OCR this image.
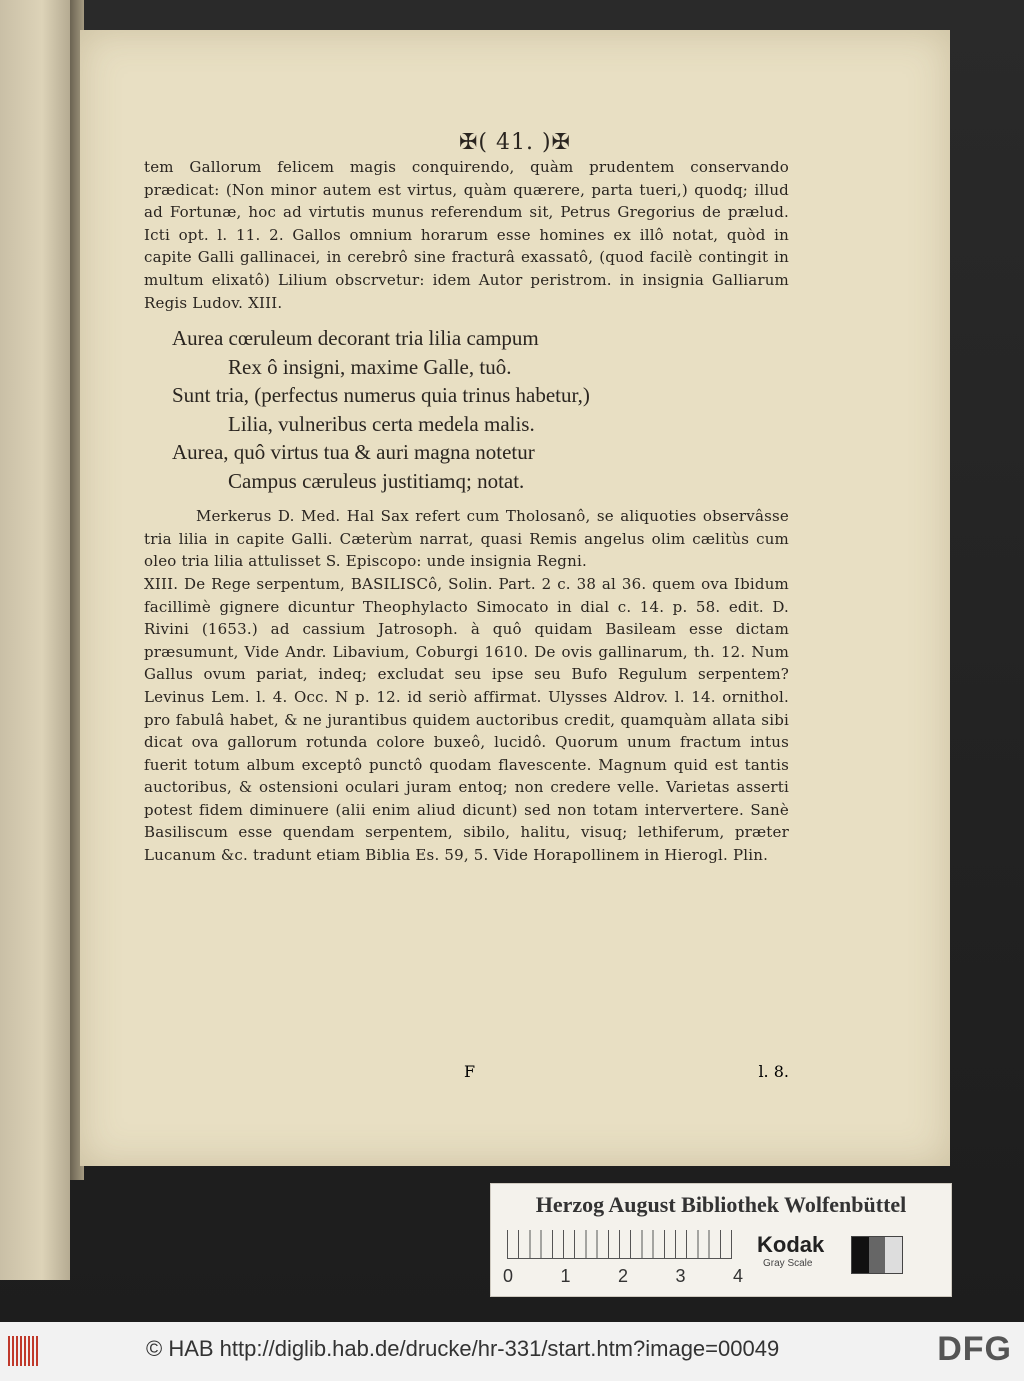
✠( 41. )✠

tem Gallorum felicem magis conquirendo, quàm prudentem conservando prædicat: (Non minor autem est virtus, quàm quærere, parta tueri,) quodq; illud ad Fortunæ, hoc ad virtutis munus referendum sit, Petrus Gregorius de prælud. Icti opt. l. 11. 2. Gallos omnium horarum esse homines ex illô notat, quòd in capite Galli gallinacei, in cerebrô sine fracturâ exassatô, (quod facilè contingit in multum elixatô) Lilium obscrvetur: idem Autor peristrom. in insignia Galliarum Regis Ludov. XIII.

Aurea cœruleum decorant tria lilia campum
Rex ô insigni, maxime Galle, tuô.
Sunt tria, (perfectus numerus quia trinus habetur,)
Lilia, vulneribus certa medela malis.
Aurea, quô virtus tua & auri magna notetur
Campus cæruleus justitiamq; notat.

Merkerus D. Med. Hal Sax refert cum Tholosanô, se aliquoties observâsse tria lilia in capite Galli. Cæterùm narrat, quasi Remis angelus olim cælitùs cum oleo tria lilia attulisset S. Episcopo: unde insignia Regni.

XIII. De Rege serpentum, BASILISCô, Solin. Part. 2 c. 38 al 36. quem ova Ibidum facillimè gignere dicuntur Theophylacto Simocato in dial c. 14. p. 58. edit. D. Rivini (1653.) ad cassium Jatrosoph. à quô quidam Basileam esse dictam præsumunt, Vide Andr. Libavium, Coburgi 1610. De ovis gallinarum, th. 12. Num Gallus ovum pariat, indeq; excludat seu ipse seu Bufo Regulum serpentem? Levinus Lem. l. 4. Occ. N p. 12. id seriò affirmat. Ulysses Aldrov. l. 14. ornithol. pro fabulâ habet, & ne jurantibus quidem auctoribus credit, quamquàm allata sibi dicat ova gallorum rotunda colore buxeô, lucidô. Quorum unum fractum intus fuerit totum album exceptô punctô quodam flavescente. Magnum quid est tantis auctoribus, & ostensioni oculari juram entoq; non credere velle. Varietas asserti potest fidem diminuere (alii enim aliud dicunt) sed non totam intervertere. Sanè Basiliscum esse quendam serpentem, sibilo, halitu, visuq; lethiferum, præter Lucanum &c. tradunt etiam Biblia Es. 59, 5. Vide Horapollinem in Hierogl. Plin.

F	l. 8.
Herzog August Bibliothek Wolfenbüttel
0	1	2	3	4
Kodak
Gray Scale
© HAB http://diglib.hab.de/drucke/hr-331/start.htm?image=00049	DFG
